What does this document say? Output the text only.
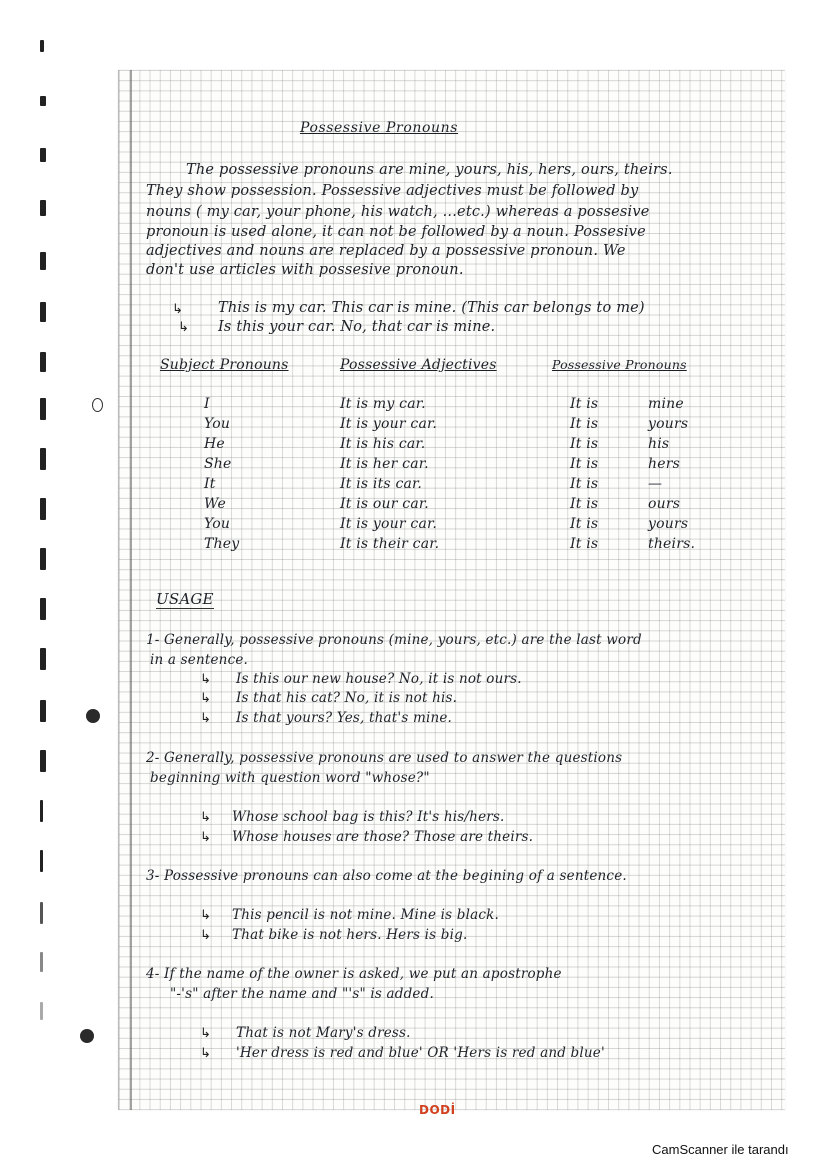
Possessive Pronouns
The possessive pronouns are mine, yours, his, hers, ours, theirs.
They show possession. Possessive adjectives must be followed by
nouns ( my car, your phone, his watch, ...etc.) whereas a possesive
pronoun is used alone, it can not be followed by a noun. Possesive
adjectives and nouns are replaced by a possessive pronoun. We
don't use articles with possesive pronoun.
↳ This is my car. This car is mine. (This car belongs to me)
↳ Is this your car. No, that car is mine.
Subject Pronouns	Possessive Adjectives	Possessive Pronouns
I	It is my car.	It is	mine
You	It is your car.	It is	yours
He	It is his car.	It is	his
She	It is her car.	It is	hers
It	It is its car.	It is	—
We	It is our car.	It is	ours
You	It is your car.	It is	yours
They	It is their car.	It is	theirs.
USAGE
1- Generally, possessive pronouns (mine, yours, etc.) are the last word
in a sentence.
↳ Is this our new house? No, it is not ours.
↳ Is that his cat? No, it is not his.
↳ Is that yours? Yes, that's mine.
2- Generally, possessive pronouns are used to answer the questions
beginning with question word "whose?"
↳ Whose school bag is this? It's his/hers.
↳ Whose houses are those? Those are theirs.
3- Possessive pronouns can also come at the begining of a sentence.
↳ This pencil is not mine. Mine is black.
↳ That bike is not hers. Hers is big.
4- If the name of the owner is asked, we put an apostrophe
"-'s" after the name and "'s" is added.
↳ That is not Mary's dress.
↳ 'Her dress is red and blue' OR 'Hers is red and blue'
DODİ
CamScanner ile tarandı
